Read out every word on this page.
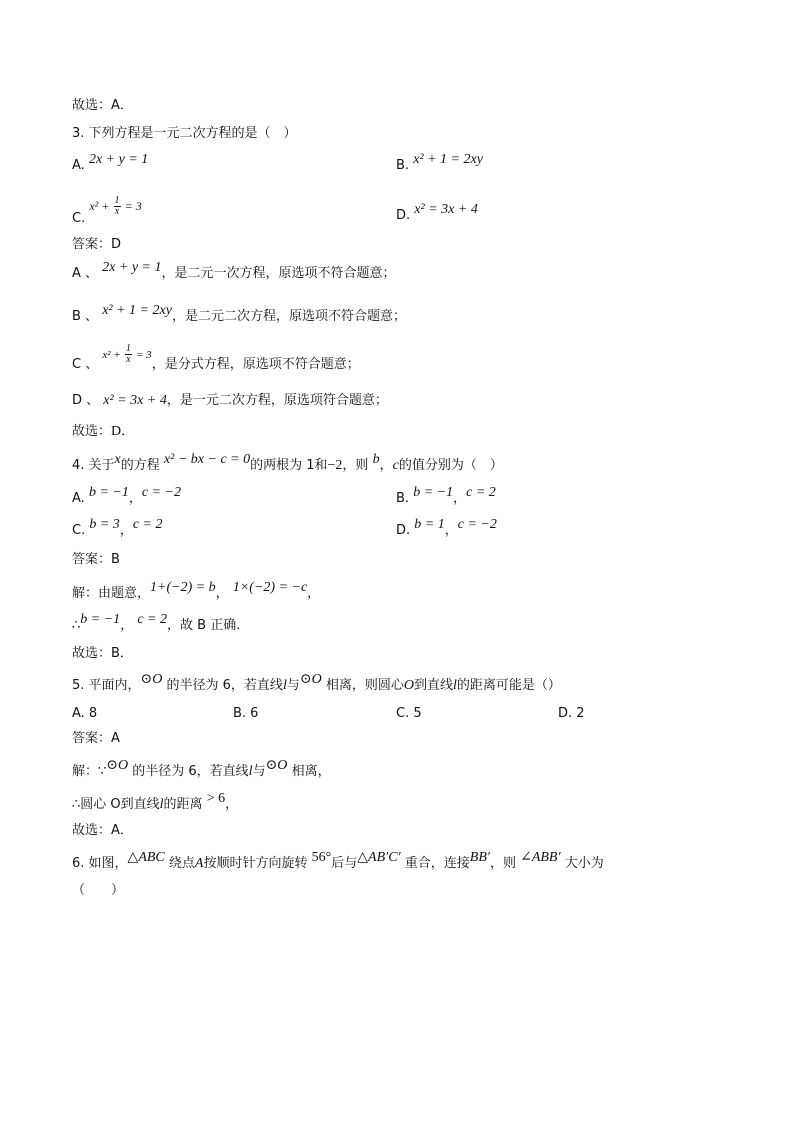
故选：A．
3. 下列方程是一元二次方程的是（　）
A. 2x + y = 1	B. x² + 1 = 2xy
C. $x^2 + \frac{1}{x} = 3$
D. x² = 3x + 4
答案：D
A 、 2x + y = 1，是二元一次方程，原选项不符合题意；
B 、 x² + 1 = 2xy，是二元二次方程，原选项不符合题意；
C 、 $x^2 + \frac{1}{x} = 3$，是分式方程，原选项不符合题意；
D 、 x² = 3x + 4，是一元二次方程，原选项符合题意；
故选：D．
4. 关于x的方程 x² − bx − c = 0的两根为 1和−2，则 b，c的值分别为（　）
A. b = −1，c = −2	B. b = −1，c = 2
C. b = 3，c = 2	D. b = 1，c = −2
答案：B
解：由题意，1+(−2) = b， 1×(−2) = −c，
∴b = −1， c = 2，故 B 正确．
故选：B．
5. 平面内，⊙O 的半径为 6，若直线l与⊙O 相离，则圆心O到直线l的距离可能是（）
A. 8	B. 6	C. 5	D. 2
答案：A
解：∵⊙O 的半径为 6，若直线l与⊙O 相离，
∴圆心 O到直线l的距离 > 6，
故选：A．
6. 如图，△ABC 绕点A按顺时针方向旋转 56°后与△AB′C′ 重合，连接BB′，则 ∠ABB′ 大小为
（　　）
